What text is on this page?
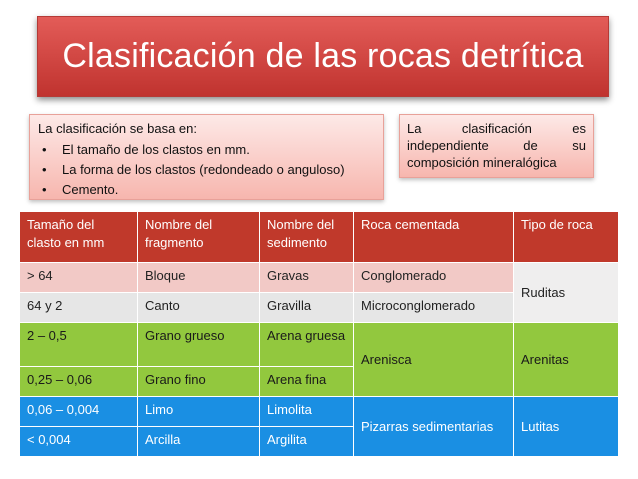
Clasificación de las rocas detrítica

La clasificación se basa en:

• El tamaño de los clastos en mm.
• La forma de los clastos (redondeado o anguloso)
• Cemento.
La clasificación es independiente de su composición mineralógica
Tamaño del clasto en mm	Nombre del fragmento	Nombre del sedimento	Roca cementada	Tipo de roca
> 64	Bloque	Gravas	Conglomerado	Ruditas
64 y 2	Canto	Gravilla	Microconglomerado	
2 – 0,5	Grano grueso	Arena gruesa	Arenisca	Arenitas
0,25 – 0,06	Grano fino	Arena fina		
0,06 – 0,004	Limo	Limolita	Pizarras sedimentarias	Lutitas
< 0,004	Arcilla	Argilita		
